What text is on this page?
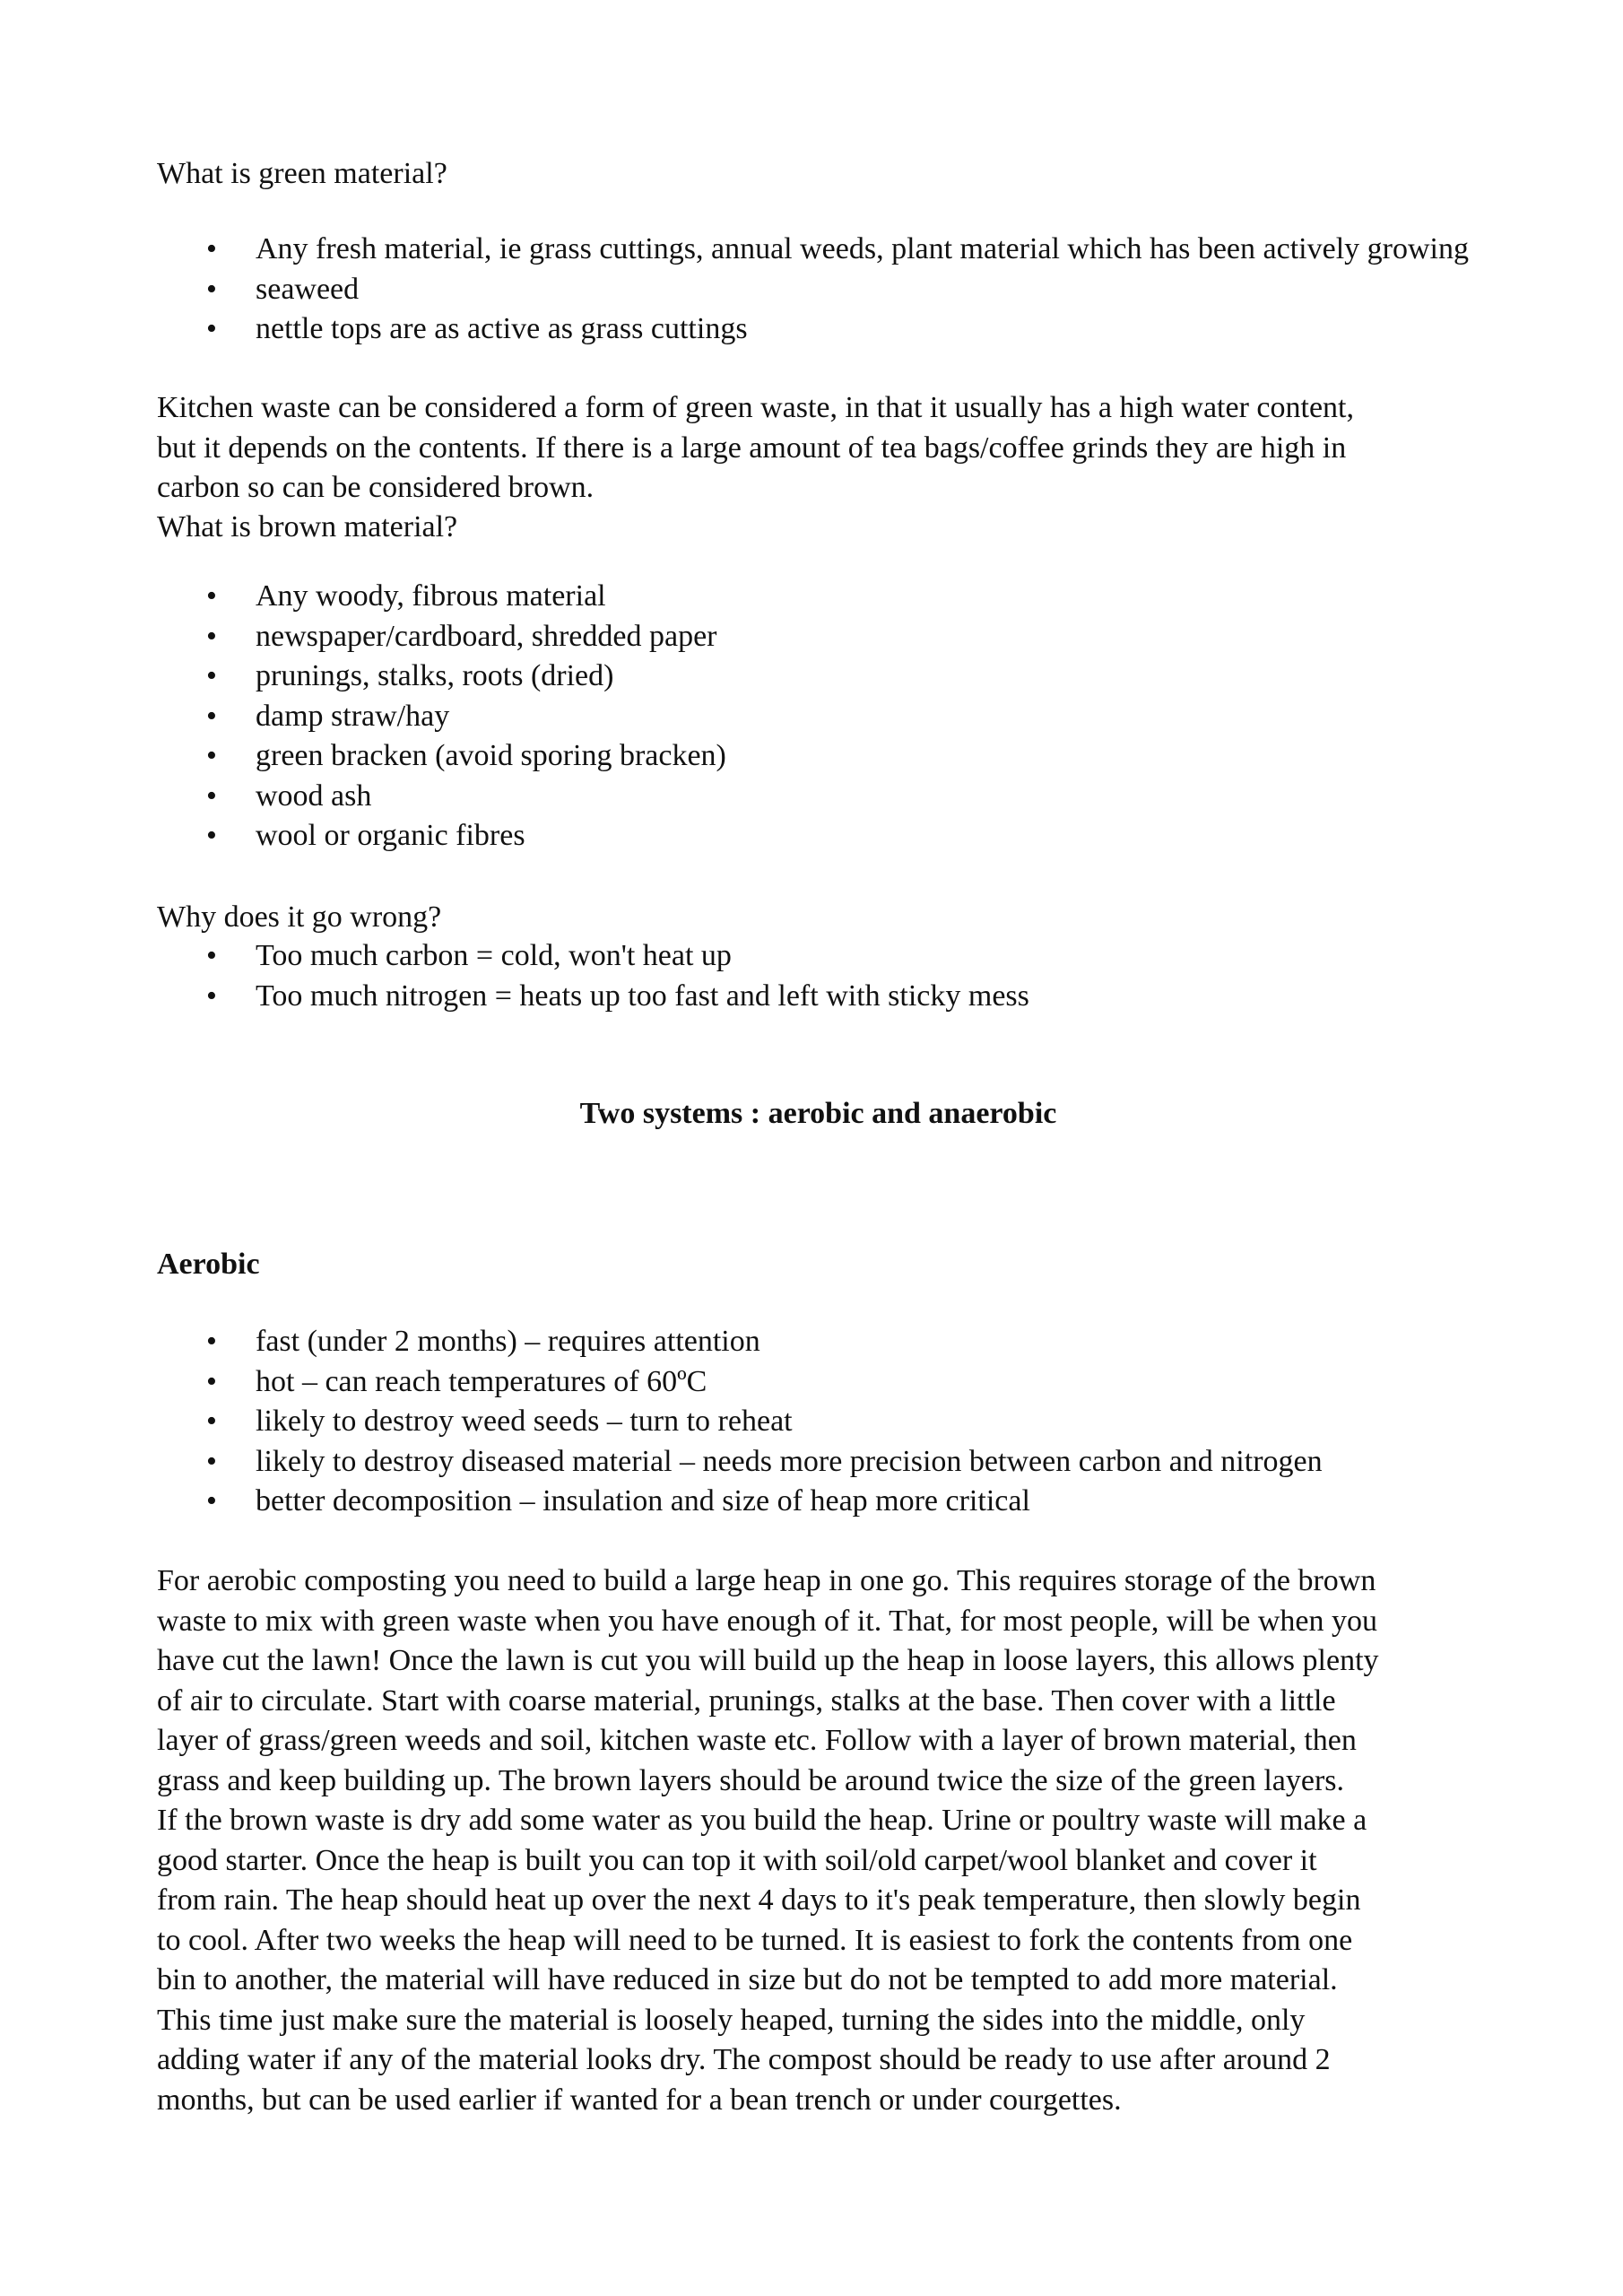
What is green material?

• Any fresh material, ie grass cuttings, annual weeds, plant material which has been actively growing
• seaweed
• nettle tops are as active as grass cuttings
Kitchen waste can be considered a form of green waste, in that it usually has a high water content,
but it depends on the contents. If there is a large amount of tea bags/coffee grinds they are high in
carbon so can be considered brown.

What is brown material?

• Any woody, fibrous material
• newspaper/cardboard, shredded paper
• prunings, stalks, roots (dried)
• damp straw/hay
• green bracken (avoid sporing bracken)
• wood ash
• wool or organic fibres

Why does it go wrong?

• Too much carbon = cold, won't heat up
• Too much nitrogen = heats up too fast and left with sticky mess
Two systems : aerobic and anaerobic
Aerobic
• fast (under 2 months) – requires attention
• hot – can reach temperatures of 60ºC
• likely to destroy weed seeds – turn to reheat
• likely to destroy diseased material – needs more precision between carbon and nitrogen
• better decomposition – insulation and size of heap more critical
For aerobic composting you need to build a large heap in one go. This requires storage of the brown
waste to mix with green waste when you have enough of it. That, for most people, will be when you
have cut the lawn! Once the lawn is cut you will build up the heap in loose layers, this allows plenty
of air to circulate. Start with coarse material, prunings, stalks at the base. Then cover with a little
layer of grass/green weeds and soil, kitchen waste etc. Follow with a layer of brown material, then
grass and keep building up. The brown layers should be around twice the size of the green layers.
If the brown waste is dry add some water as you build the heap. Urine or poultry waste will make a
good starter. Once the heap is built you can top it with soil/old carpet/wool blanket and cover it
from rain. The heap should heat up over the next 4 days to it's peak temperature, then slowly begin
to cool. After two weeks the heap will need to be turned. It is easiest to fork the contents from one
bin to another, the material will have reduced in size but do not be tempted to add more material.
This time just make sure the material is loosely heaped, turning the sides into the middle, only
adding water if any of the material looks dry. The compost should be ready to use after around 2
months, but can be used earlier if wanted for a bean trench or under courgettes.
